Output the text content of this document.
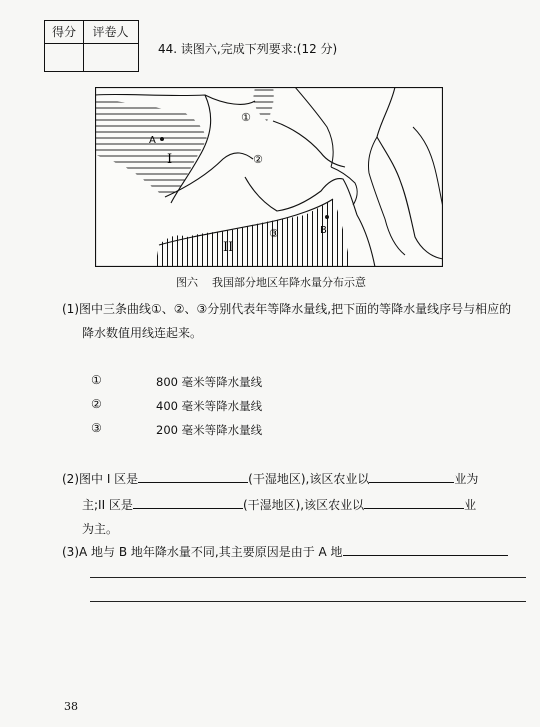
得分	评卷人
44. 读图六,完成下列要求:(12 分)
A
I
①
②
③	B
II
图六 我国部分地区年降水量分布示意
(1)图中三条曲线①、②、③分别代表年等降水量线,把下面的等降水量线序号与相应的
降水数值用线连起来。
①	800 毫米等降水量线
②	400 毫米等降水量线
③	200 毫米等降水量线
(2)图中 I 区是	(干湿地区),该区农业以	业为
主;II 区是	(干湿地区),该区农业以	业
为主。
(3)A 地与 B 地年降水量不同,其主要原因是由于 A 地
38
